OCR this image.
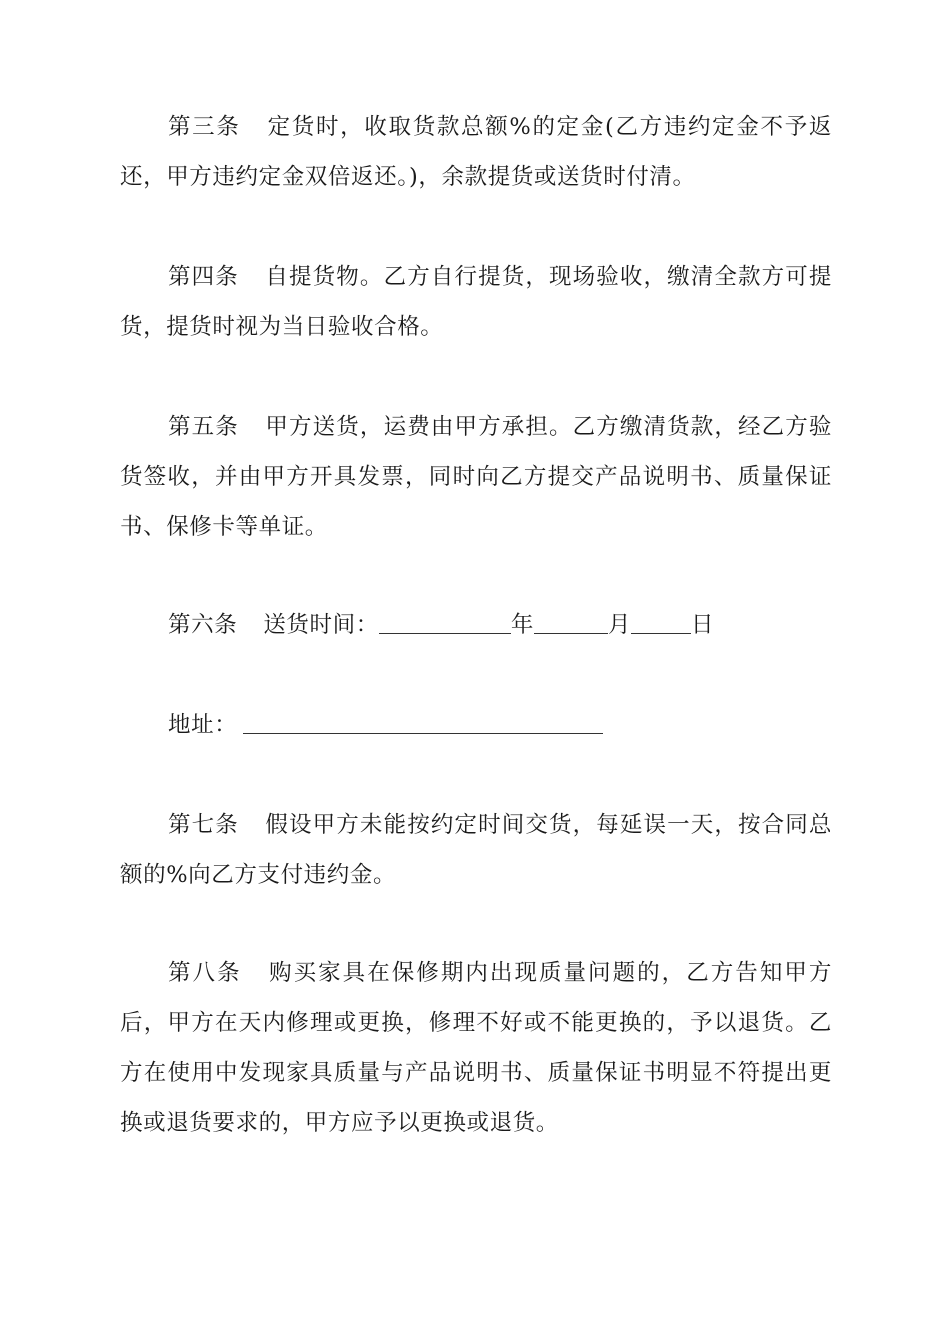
第三条 定货时，收取货款总额%的定金(乙方违约定金不予返还，甲方违约定金双倍返还。)，余款提货或送货时付清。
第四条 自提货物。乙方自行提货，现场验收，缴清全款方可提货，提货时视为当日验收合格。
第五条 甲方送货，运费由甲方承担。乙方缴清货款，经乙方验货签收，并由甲方开具发票，同时向乙方提交产品说明书、质量保证书、保修卡等单证。
第六条 送货时间：	年	月	日
地址：
第七条 假设甲方未能按约定时间交货，每延误一天，按合同总额的%向乙方支付违约金。
第八条 购买家具在保修期内出现质量问题的，乙方告知甲方后，甲方在天内修理或更换，修理不好或不能更换的，予以退货。乙方在使用中发现家具质量与产品说明书、质量保证书明显不符提出更换或退货要求的，甲方应予以更换或退货。
